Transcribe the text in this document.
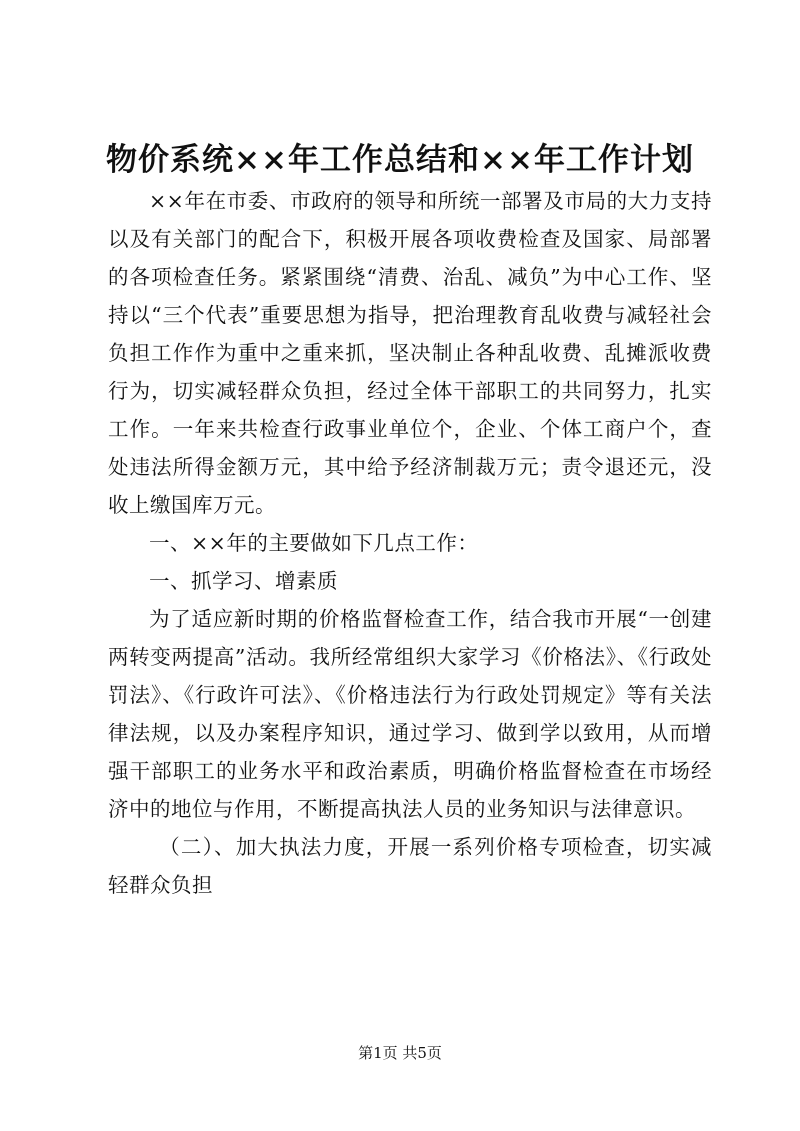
物价系统××年工作总结和××年工作计划

××年在市委、市政府的领导和所统一部署及市局的大力支持以及有关部门的配合下，积极开展各项收费检查及国家、局部署的各项检查任务。紧紧围绕“清费、治乱、减负”为中心工作、坚持以“三个代表”重要思想为指导，把治理教育乱收费与减轻社会负担工作作为重中之重来抓，坚决制止各种乱收费、乱摊派收费行为，切实减轻群众负担，经过全体干部职工的共同努力，扎实工作。一年来共检查行政事业单位个，企业、个体工商户个，查处违法所得金额万元，其中给予经济制裁万元；责令退还元，没收上缴国库万元。

一、××年的主要做如下几点工作：

一、抓学习、增素质

为了适应新时期的价格监督检查工作，结合我市开展“一创建两转变两提高”活动。我所经常组织大家学习《价格法》、《行政处罚法》、《行政许可法》、《价格违法行为行政处罚规定》等有关法律法规，以及办案程序知识，通过学习、做到学以致用，从而增强干部职工的业务水平和政治素质，明确价格监督检查在市场经济中的地位与作用，不断提高执法人员的业务知识与法律意识。

（二）、加大执法力度，开展一系列价格专项检查，切实减轻群众负担

第1页 共5页
